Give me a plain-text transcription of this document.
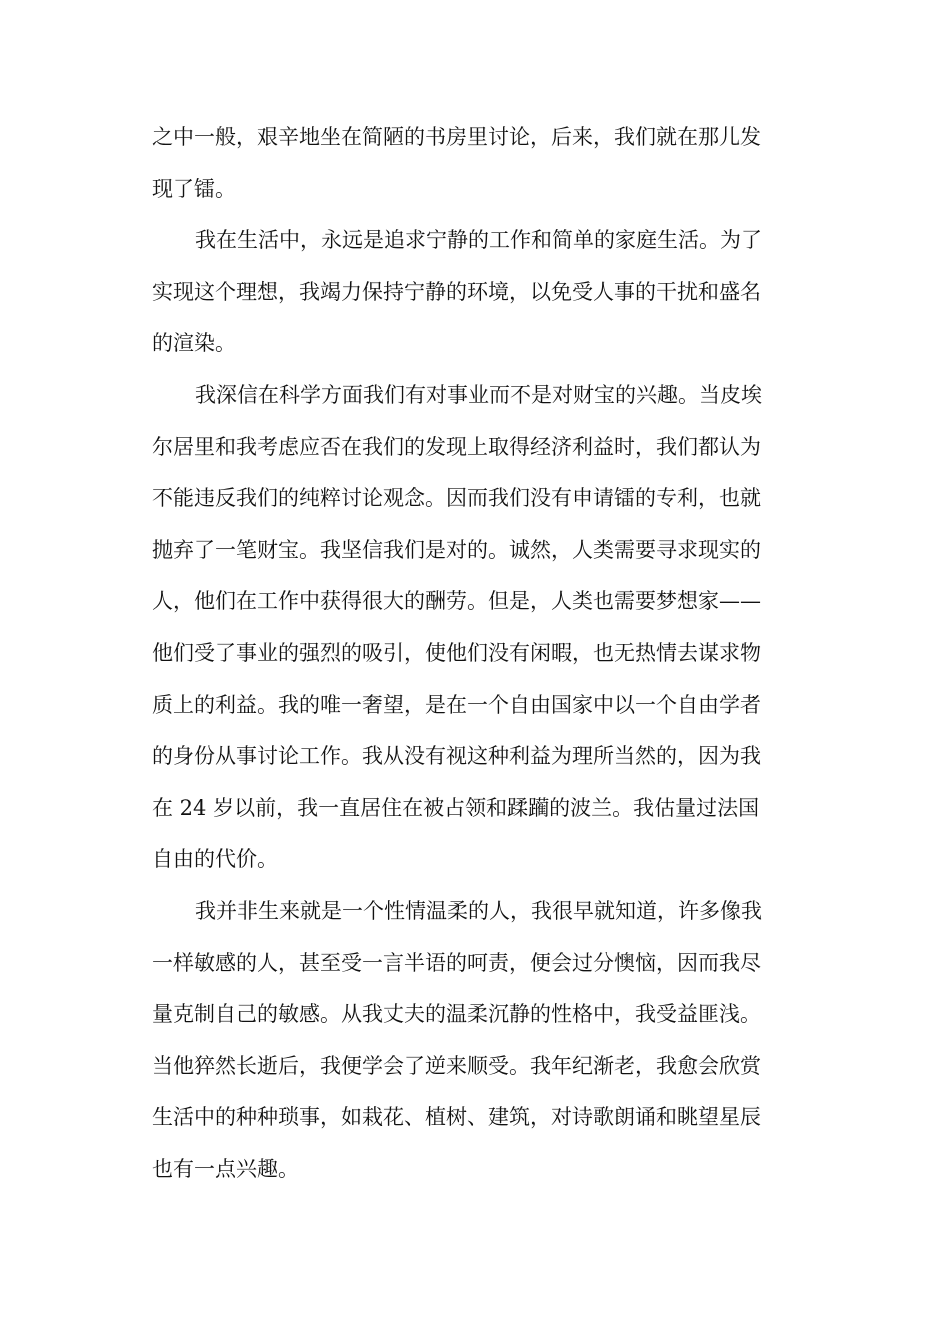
之中一般，艰辛地坐在简陋的书房里讨论，后来，我们就在那儿发
现了镭。
我在生活中，永远是追求宁静的工作和简单的家庭生活。为了
实现这个理想，我竭力保持宁静的环境，以免受人事的干扰和盛名
的渲染。
我深信在科学方面我们有对事业而不是对财宝的兴趣。当皮埃
尔居里和我考虑应否在我们的发现上取得经济利益时，我们都认为
不能违反我们的纯粹讨论观念。因而我们没有申请镭的专利，也就
抛弃了一笔财宝。我坚信我们是对的。诚然，人类需要寻求现实的
人，他们在工作中获得很大的酬劳。但是，人类也需要梦想家——
他们受了事业的强烈的吸引，使他们没有闲暇，也无热情去谋求物
质上的利益。我的唯一奢望，是在一个自由国家中以一个自由学者
的身份从事讨论工作。我从没有视这种利益为理所当然的，因为我
在 24 岁以前，我一直居住在被占领和蹂躏的波兰。我估量过法国
自由的代价。
我并非生来就是一个性情温柔的人，我很早就知道，许多像我
一样敏感的人，甚至受一言半语的呵责，便会过分懊恼，因而我尽
量克制自己的敏感。从我丈夫的温柔沉静的性格中，我受益匪浅。
当他猝然长逝后，我便学会了逆来顺受。我年纪渐老，我愈会欣赏
生活中的种种琐事，如栽花、植树、建筑，对诗歌朗诵和眺望星辰
也有一点兴趣。
